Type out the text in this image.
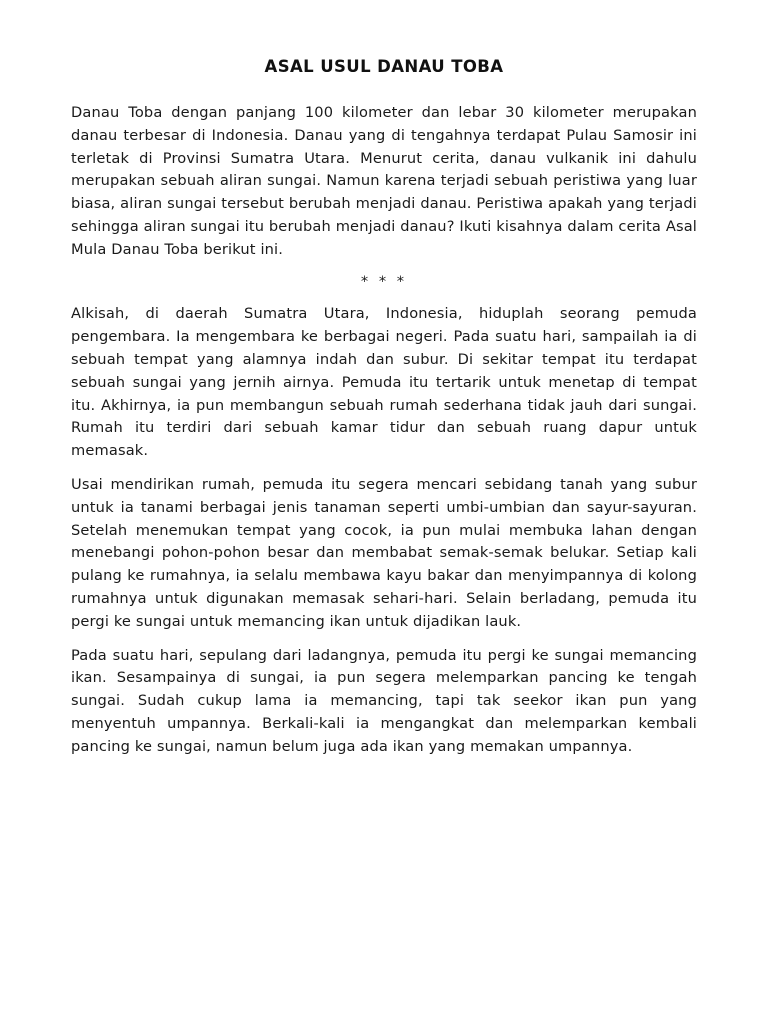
ASAL USUL DANAU TOBA

Danau Toba dengan panjang 100 kilometer dan lebar 30 kilometer merupakan danau terbesar di Indonesia. Danau yang di tengahnya terdapat Pulau Samosir ini terletak di Provinsi Sumatra Utara. Menurut cerita, danau vulkanik ini dahulu merupakan sebuah aliran sungai. Namun karena terjadi sebuah peristiwa yang luar biasa, aliran sungai tersebut berubah menjadi danau. Peristiwa apakah yang terjadi sehingga aliran sungai itu berubah menjadi danau? Ikuti kisahnya dalam cerita Asal Mula Danau Toba berikut ini.

* * *

Alkisah, di daerah Sumatra Utara, Indonesia, hiduplah seorang pemuda pengembara. Ia mengembara ke berbagai negeri. Pada suatu hari, sampailah ia di sebuah tempat yang alamnya indah dan subur. Di sekitar tempat itu terdapat sebuah sungai yang jernih airnya. Pemuda itu tertarik untuk menetap di tempat itu. Akhirnya, ia pun membangun sebuah rumah sederhana tidak jauh dari sungai. Rumah itu terdiri dari sebuah kamar tidur dan sebuah ruang dapur untuk memasak.

Usai mendirikan rumah, pemuda itu segera mencari sebidang tanah yang subur untuk ia tanami berbagai jenis tanaman seperti umbi-umbian dan sayur-sayuran. Setelah menemukan tempat yang cocok, ia pun mulai membuka lahan dengan menebangi pohon-pohon besar dan membabat semak-semak belukar. Setiap kali pulang ke rumahnya, ia selalu membawa kayu bakar dan menyimpannya di kolong rumahnya untuk digunakan memasak sehari-hari. Selain berladang, pemuda itu pergi ke sungai untuk memancing ikan untuk dijadikan lauk.

Pada suatu hari, sepulang dari ladangnya, pemuda itu pergi ke sungai memancing ikan. Sesampainya di sungai, ia pun segera melemparkan pancing ke tengah sungai. Sudah cukup lama ia memancing, tapi tak seekor ikan pun yang menyentuh umpannya. Berkali-kali ia mengangkat dan melemparkan kembali pancing ke sungai, namun belum juga ada ikan yang memakan umpannya.
